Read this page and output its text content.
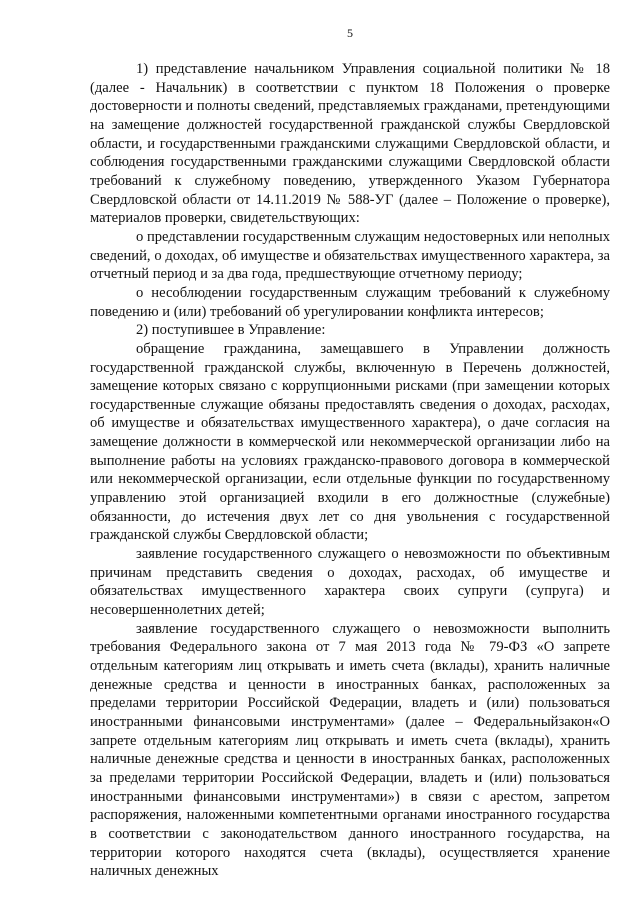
5

1) представление начальником Управления социальной политики № 18 (далее - Начальник) в соответствии с пунктом 18 Положения о проверке достоверности и полноты сведений, представляемых гражданами, претендующими на замещение должностей государственной гражданской службы Свердловской области, и государственными гражданскими служащими Свердловской области, и соблюдения государственными гражданскими служащими Свердловской области требований к служебному поведению, утвержденного Указом Губернатора Свердловской области от 14.11.2019 № 588-УГ (далее – Положение о проверке), материалов проверки, свидетельствующих:

о представлении государственным служащим недостоверных или неполных сведений, о доходах, об имуществе и обязательствах имущественного характера, за отчетный период и за два года, предшествующие отчетному периоду;

о несоблюдении государственным служащим требований к служебному поведению и (или) требований об урегулировании конфликта интересов;

2) поступившее в Управление:

обращение гражданина, замещавшего в Управлении должность государственной гражданской службы, включенную в Перечень должностей, замещение которых связано с коррупционными рисками (при замещении которых государственные служащие обязаны предоставлять сведения о доходах, расходах, об имуществе и обязательствах имущественного характера), о даче согласия на замещение должности в коммерческой или некоммерческой организации либо на выполнение работы на условиях гражданско-правового договора в коммерческой или некоммерческой организации, если отдельные функции по государственному управлению этой организацией входили в его должностные (служебные) обязанности, до истечения двух лет со дня увольнения с государственной гражданской службы Свердловской области;

заявление государственного служащего о невозможности по объективным причинам представить сведения о доходах, расходах, об имуществе и обязательствах имущественного характера своих супруги (супруга) и несовершеннолетних детей;

заявление государственного служащего о невозможности выполнить требования Федерального закона от 7 мая 2013 года № 79-ФЗ «О запрете отдельным категориям лиц открывать и иметь счета (вклады), хранить наличные денежные средства и ценности в иностранных банках, расположенных за пределами территории Российской Федерации, владеть и (или) пользоваться иностранными финансовыми инструментами» (далее – Федеральныйзакон«О запрете отдельным категориям лиц открывать и иметь счета (вклады), хранить наличные денежные средства и ценности в иностранных банках, расположенных за пределами территории Российской Федерации, владеть и (или) пользоваться иностранными финансовыми инструментами») в связи с арестом, запретом распоряжения, наложенными компетентными органами иностранного государства в соответствии с законодательством данного иностранного государства, на территории которого находятся счета (вклады), осуществляется хранение наличных денежных
